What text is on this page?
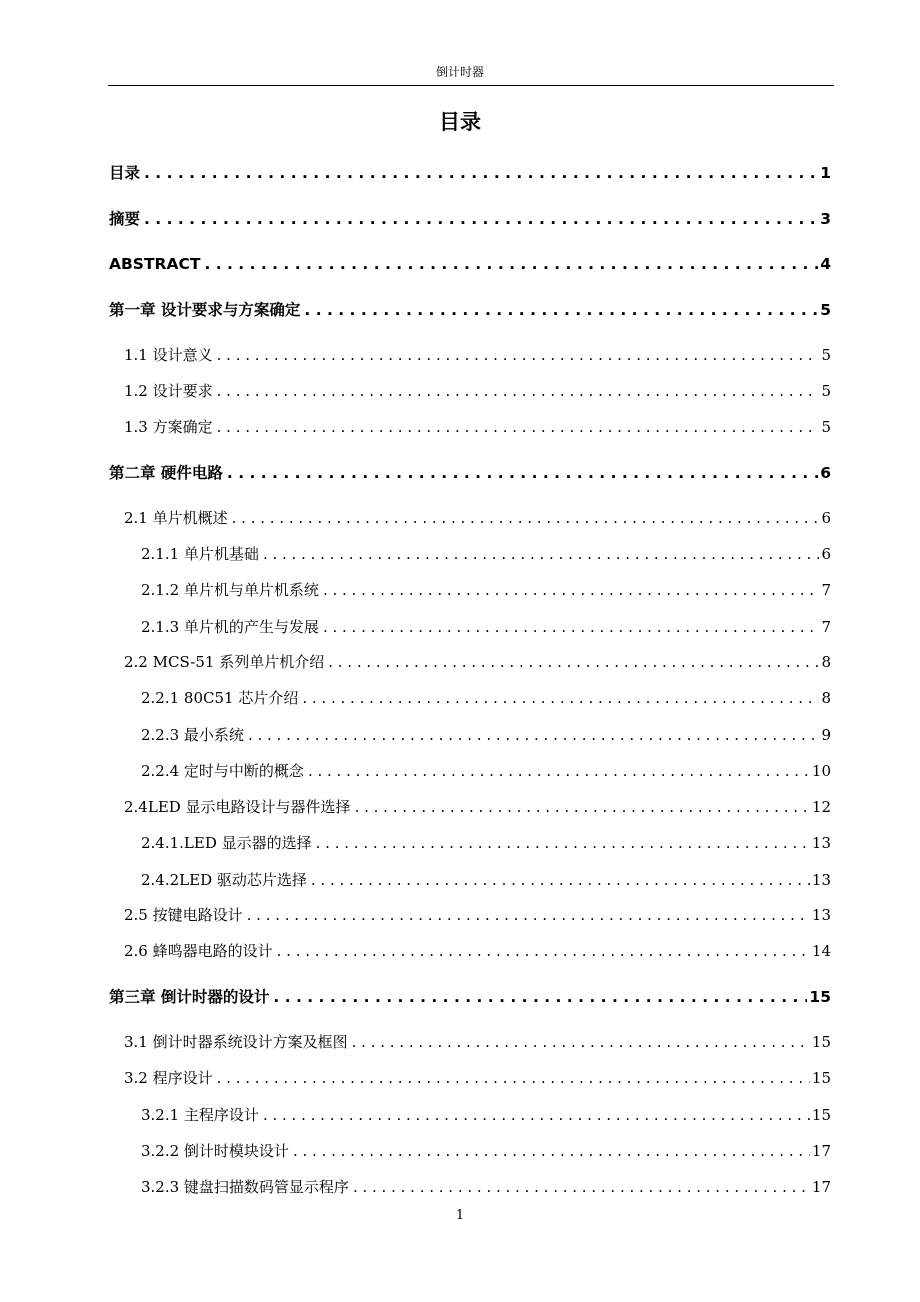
倒计时器
目录
目录 . . .	1
摘要 . . .	3
ABSTRACT . . .	4
第一章 设计要求与方案确定 . . .	5
1.1 设计意义 . . .	5
1.2 设计要求 . . .	5
1.3 方案确定 . . .	5
第二章 硬件电路 . . .	6
2.1 单片机概述 . . .	6
2.1.1 单片机基础 . . .	6
2.1.2 单片机与单片机系统 . . .	7
2.1.3 单片机的产生与发展 . . .	7
2.2 MCS-51 系列单片机介绍 . . .	8
2.2.1 80C51 芯片介绍 . . .	8
2.2.3 最小系统 . . .	9
2.2.4 定时与中断的概念 . . .	10
2.4LED 显示电路设计与器件选择 . . .	12
2.4.1.LED 显示器的选择 . . .	13
2.4.2LED 驱动芯片选择 . . .	13
2.5 按键电路设计 . . .	13
2.6 蜂鸣器电路的设计 . . .	14
第三章 倒计时器的设计 . . .	15
3.1 倒计时器系统设计方案及框图 . . .	15
3.2 程序设计 . . .	15
3.2.1 主程序设计 . . .	15
3.2.2 倒计时模块设计 . . .	17
3.2.3 键盘扫描数码管显示程序 . . .	17
1
